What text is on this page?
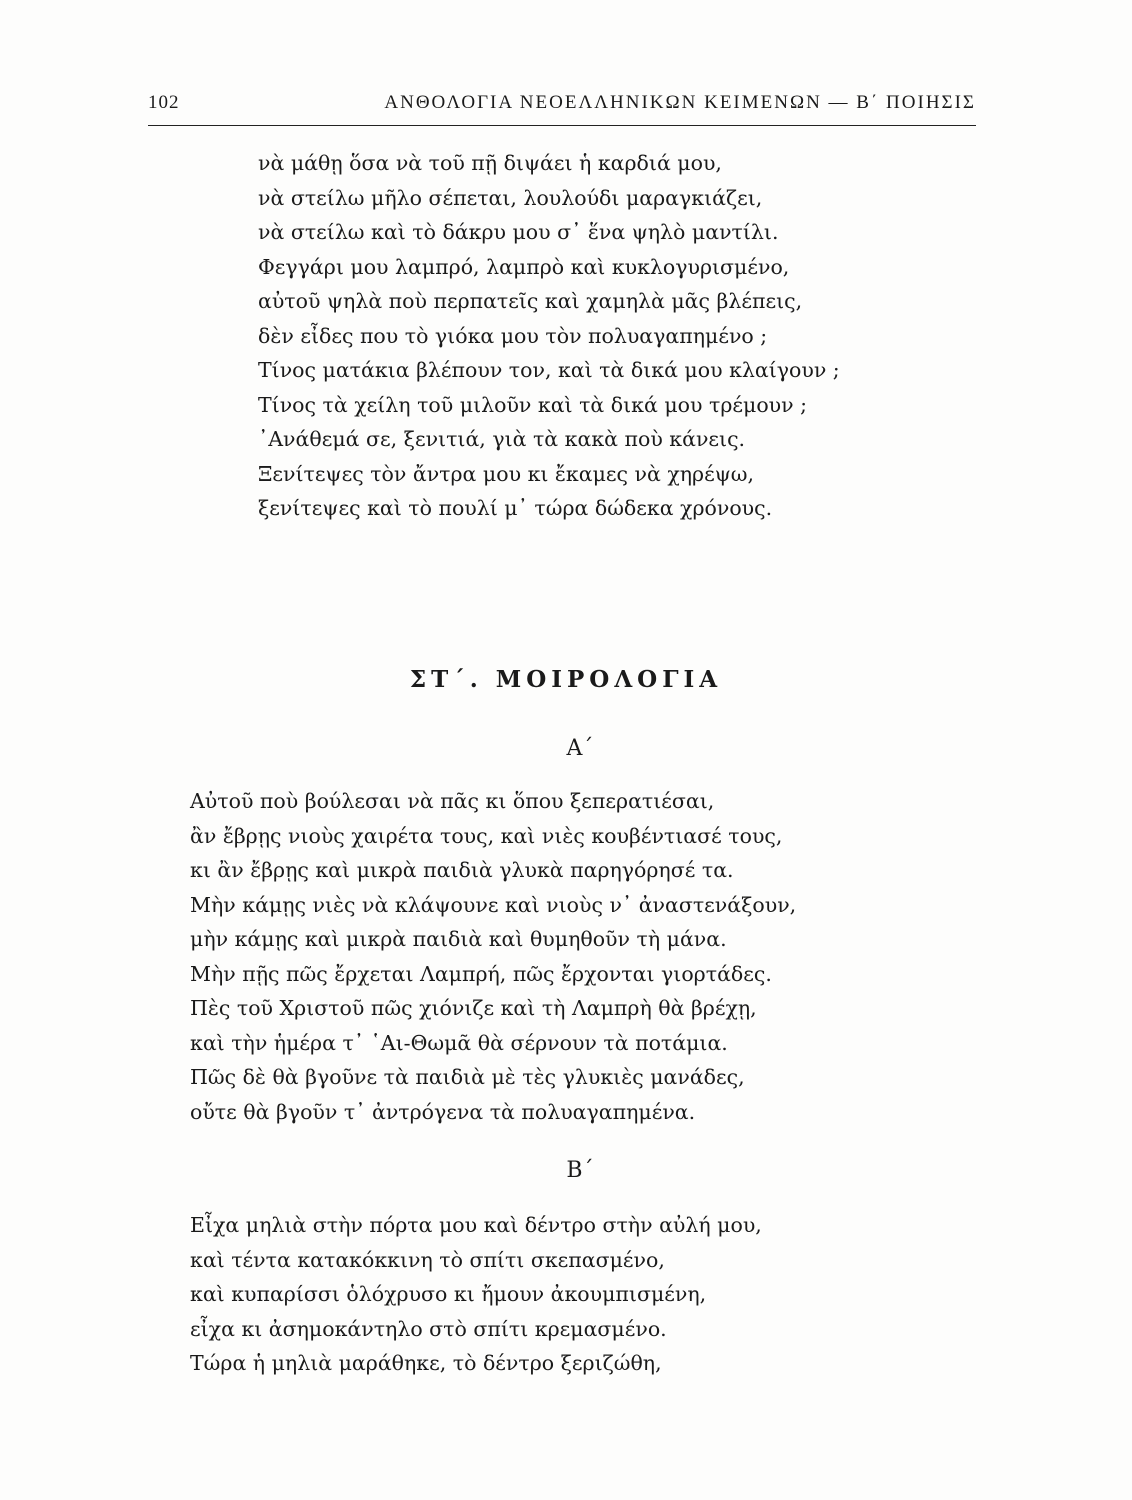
102	ΑΝΘΟΛΟΓΙΑ ΝΕΟΕΛΛΗΝΙΚΩΝ ΚΕΙΜΕΝΩΝ — Β΄ ΠΟΙΗΣΙΣ
νὰ μάθῃ ὅσα νὰ τοῦ πῇ διψάει ἡ καρδιά μου,
νὰ στείλω μῆλο σέπεται, λουλούδι μαραγκιάζει,
νὰ στείλω καὶ τὸ δάκρυ μου σ᾽ ἕνα ψηλὸ μαντίλι.
Φεγγάρι μου λαμπρό, λαμπρὸ καὶ κυκλογυρισμένο,
αὐτοῦ ψηλὰ ποὺ περπατεῖς καὶ χαμηλὰ μᾶς βλέπεις,
δὲν εἶδες που τὸ γιόκα μου τὸν πολυαγαπημένο ;
Τίνος ματάκια βλέπουν τον, καὶ τὰ δικά μου κλαίγουν ;
Τίνος τὰ χείλη τοῦ μιλοῦν καὶ τὰ δικά μου τρέμουν ;
᾽Ανάθεμά σε, ξενιτιά, γιὰ τὰ κακὰ ποὺ κάνεις.
Ξενίτεψες τὸν ἄντρα μου κι ἔκαμες νὰ χηρέψω,
ξενίτεψες καὶ τὸ πουλί μ᾽ τώρα δώδεκα χρόνους.
ΣΤ΄. ΜΟΙΡΟΛΟΓΙΑ
Α΄
Αὐτοῦ ποὺ βούλεσαι νὰ πᾶς κι ὅπου ξεπερατιέσαι,
ἂν ἔβρῃς νιοὺς χαιρέτα τους, καὶ νιὲς κουβέντιασέ τους,
κι ἂν ἔβρῃς καὶ μικρὰ παιδιὰ γλυκὰ παρηγόρησέ τα.
Μὴν κάμῃς νιὲς νὰ κλάψουνε καὶ νιοὺς ν᾽ ἀναστενάξουν,
μὴν κάμῃς καὶ μικρὰ παιδιὰ καὶ θυμηθοῦν τὴ μάνα.
Μὴν πῇς πῶς ἔρχεται Λαμπρή, πῶς ἔρχονται γιορτάδες.
Πὲς τοῦ Χριστοῦ πῶς χιόνιζε καὶ τὴ Λαμπρὴ θὰ βρέχῃ,
καὶ τὴν ἡμέρα τ᾽ ῾Αι-Θωμᾶ θὰ σέρνουν τὰ ποτάμια.
Πῶς δὲ θὰ βγοῦνε τὰ παιδιὰ μὲ τὲς γλυκιὲς μανάδες,
οὔτε θὰ βγοῦν τ᾽ ἀντρόγενα τὰ πολυαγαπημένα.
Β΄
Εἶχα μηλιὰ στὴν πόρτα μου καὶ δέντρο στὴν αὐλή μου,
καὶ τέντα κατακόκκινη τὸ σπίτι σκεπασμένο,
καὶ κυπαρίσσι ὁλόχρυσο κι ἤμουν ἀκουμπισμένη,
εἶχα κι ἀσημοκάντηλο στὸ σπίτι κρεμασμένο.
Τώρα ἡ μηλιὰ μαράθηκε, τὸ δέντρο ξεριζώθη,
